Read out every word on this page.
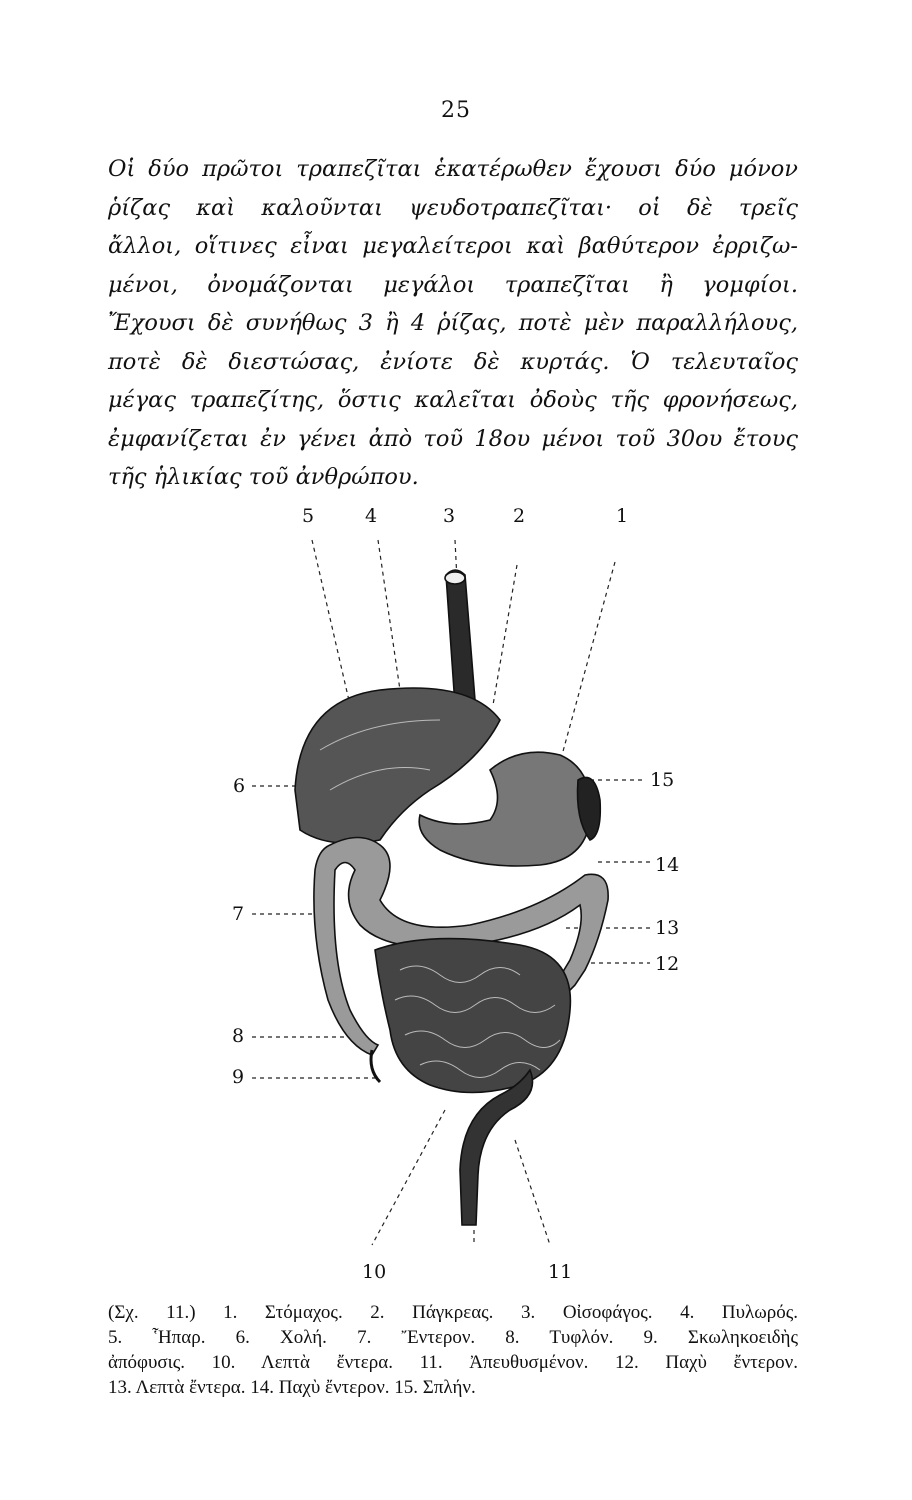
25
Οἱ δύο πρῶτοι τραπεζῖται ἑκατέρωθεν ἔχουσι δύο μόνον
ῥίζας καὶ καλοῦνται ψευδοτραπεζῖται· οἱ δὲ τρεῖς
ἄλλοι, οἵτινες εἶναι μεγαλείτεροι καὶ βαθύτερον ἐρριζω-
μένοι, ὀνομάζονται μεγάλοι τραπεζῖται ἢ γομφίοι.
Ἔχουσι δὲ συνήθως 3 ἢ 4 ῥίζας, ποτὲ μὲν παραλλήλους,
ποτὲ δὲ διεστώσας, ἐνίοτε δὲ κυρτάς. Ὁ τελευταῖος
μέγας τραπεζίτης, ὅστις καλεῖται ὀδοὺς τῆς φρονήσεως,
ἐμφανίζεται ἐν γένει ἀπὸ τοῦ 18ου μένοι τοῦ 30ου ἔτους
τῆς ἡλικίας τοῦ ἀνθρώπου.
5	4	3	2	1
6	15
14
7
13
12
8
9
10	11
(Σχ. 11.) 1. Στόμαχος. 2. Πάγκρεας. 3. Οἰσοφάγος. 4. Πυλωρός.
5. Ἧπαρ. 6. Χολή. 7. Ἔντερον. 8. Τυφλόν. 9. Σκωληκοειδὴς
ἀπόφυσις. 10. Λεπτὰ ἔντερα. 11. Ἀπευθυσμένον. 12. Παχὺ ἔντερον.
13. Λεπτὰ ἔντερα. 14. Παχὺ ἔντερον. 15. Σπλήν.
